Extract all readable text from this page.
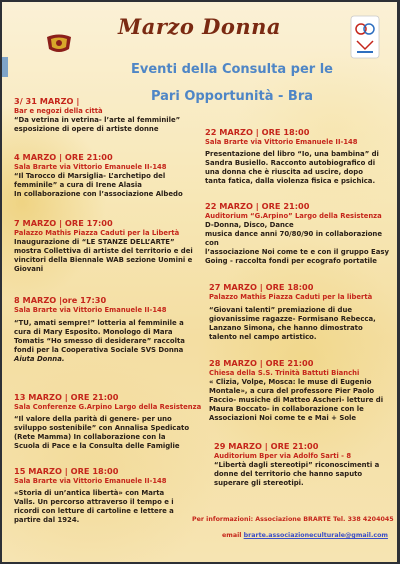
Marzo Donna
Eventi della Consulta per le
Pari Opportunità - Bra
3/ 31 MARZO |
Bar e negozi della città
“Da vetrina in vetrina- l’arte al femminile”
esposizione di opere di artiste donne
4 MARZO | ORE 21:00
Sala Brarte via Vittorio Emanuele II-148
“Il Tarocco di Marsiglia- L’archetipo del
femminile” a cura di Irene Alasia
In collaborazione con l’associazione Albedo
7 MARZO | ORE 17:00
Palazzo Mathis Piazza Caduti per la Libertà
Inaugurazione di “LE STANZE DELL’ARTE”
mostra Collettiva di artiste del territorio e dei
vincitori della Biennale WAB sezione Uomini e
Giovani
8 MARZO |ore 17:30
Sala Brarte via Vittorio Emanuele II-148
“TU, amati sempre!” lotteria al femminile a
cura di Mary Esposito. Monologo di Mara
Tomatis “Ho smesso di desiderare” raccolta
fondi per la Cooperativa Sociale SVS Donna
Aiuta Donna.
13 MARZO | ORE 21:00
Sala Conferenze G.Arpino Largo della Resistenza
“Il valore della parità di genere- per uno
sviluppo sostenibile” con Annalisa Spedicato
(Rete Mamma) In collaborazione con la
Scuola di Pace e la Consulta delle Famiglie
15 MARZO | ORE 18:00
Sala Brarte via Vittorio Emanuele II-148
«Storia di un’antica libertà» con Marta
Valls. Un percorso attraverso il tempo e i
ricordi con letture di cartoline e lettere a
partire dal 1924.
22 MARZO | ORE 18:00
Sala Brarte via Vittorio Emanuele II-148
Presentazione del libro “Io, una bambina” di
Sandra Busiello. Racconto autobiografico di
una donna che è riuscita ad uscire, dopo
tanta fatica, dalla violenza fisica e psichica.
22 MARZO | ORE 21:00
Auditorium “G.Arpino” Largo della Resistenza
D-Donna, Disco, Dance
musica dance anni 70/80/90 in collaborazione con
l’associazione Noi come te e con il gruppo Easy
Going - raccolta fondi per ecografo portatile
27 MARZO | ORE 18:00
Palazzo Mathis Piazza Caduti per la libertà
“Giovani talenti” premiazione di due
giovanissime ragazze- Formisano Rebecca,
Lanzano Simona, che hanno dimostrato
talento nel campo artistico.
28 MARZO | ORE 21:00
Chiesa della S.S. Trinità Battuti Bianchi
« Clizia, Volpe, Mosca: le muse di Eugenio
Montale», a cura del professore Pier Paolo
Faccio- musiche di Matteo Ascheri- letture di
Maura Boccato- in collaborazione con le
Associazioni Noi come te e Mai + Sole
29 MARZO | ORE 21:00
Auditorium Bper via Adolfo Sarti - 8
“Libertà dagli stereotipi” riconoscimenti a
donne del territorio che hanno saputo
superare gli stereotipi.
Per informazioni: Associazione BRARTE Tel. 338 4204045
email brarte.associazioneculturale@gmail.com
